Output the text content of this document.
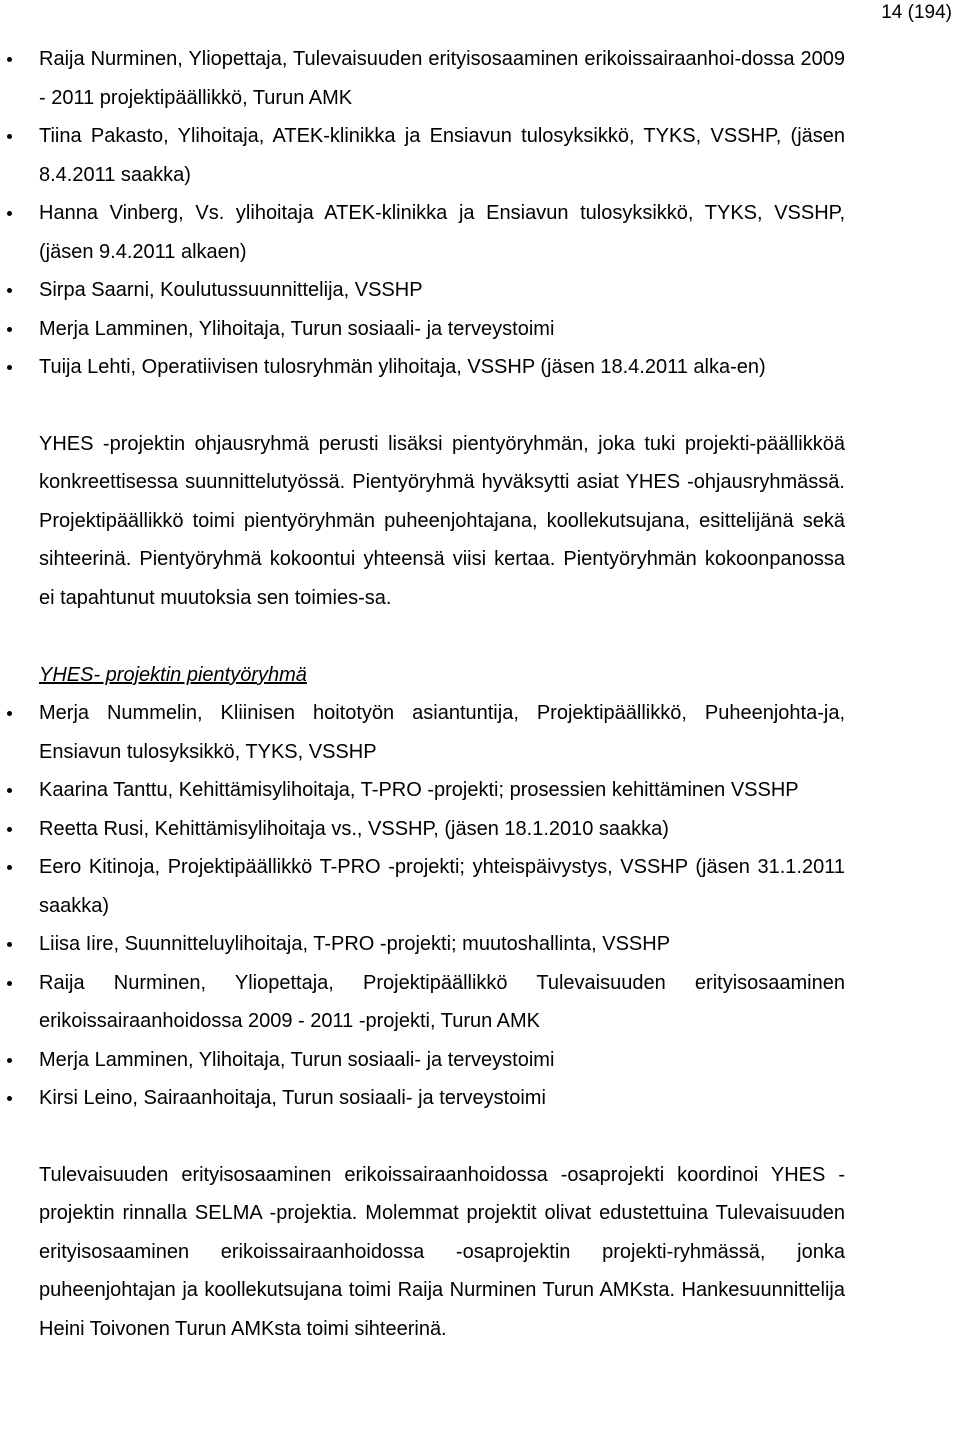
14 (194)
Raija Nurminen, Yliopettaja, Tulevaisuuden erityisosaaminen erikoissairaanhoi-dossa 2009 - 2011 projektipäällikkö, Turun AMK
Tiina Pakasto, Ylihoitaja, ATEK-klinikka ja Ensiavun tulosyksikkö, TYKS, VSSHP, (jäsen 8.4.2011 saakka)
Hanna Vinberg, Vs. ylihoitaja ATEK-klinikka ja Ensiavun tulosyksikkö, TYKS, VSSHP, (jäsen 9.4.2011 alkaen)
Sirpa Saarni, Koulutussuunnittelija, VSSHP
Merja Lamminen, Ylihoitaja, Turun sosiaali- ja terveystoimi
Tuija Lehti, Operatiivisen tulosryhmän ylihoitaja, VSSHP (jäsen 18.4.2011 alka-en)

YHES -projektin ohjausryhmä perusti lisäksi pientyöryhmän, joka tuki projekti-päällikköä konkreettisessa suunnittelutyössä. Pientyöryhmä hyväksytti asiat YHES -ohjausryhmässä. Projektipäällikkö toimi pientyöryhmän puheenjohtajana, koollekutsujana, esittelijänä sekä sihteerinä. Pientyöryhmä kokoontui yhteensä viisi kertaa. Pientyöryhmän kokoonpanossa ei tapahtunut muutoksia sen toimies-sa.

YHES- projektin pientyöryhmä
Merja Nummelin, Kliinisen hoitotyön asiantuntija, Projektipäällikkö, Puheenjohta-ja, Ensiavun tulosyksikkö, TYKS, VSSHP
Kaarina Tanttu, Kehittämisylihoitaja, T-PRO -projekti; prosessien kehittäminen VSSHP
Reetta Rusi, Kehittämisylihoitaja vs., VSSHP, (jäsen 18.1.2010 saakka)
Eero Kitinoja, Projektipäällikkö T-PRO -projekti; yhteispäivystys, VSSHP (jäsen 31.1.2011 saakka)
Liisa Iire, Suunnitteluylihoitaja, T-PRO -projekti; muutoshallinta, VSSHP
Raija Nurminen, Yliopettaja, Projektipäällikkö Tulevaisuuden erityisosaaminen erikoissairaanhoidossa 2009 - 2011 -projekti, Turun AMK
Merja Lamminen, Ylihoitaja, Turun sosiaali- ja terveystoimi
Kirsi Leino, Sairaanhoitaja, Turun sosiaali- ja terveystoimi

Tulevaisuuden erityisosaaminen erikoissairaanhoidossa -osaprojekti koordinoi YHES -projektin rinnalla SELMA -projektia. Molemmat projektit olivat edustettuina Tulevaisuuden erityisosaaminen erikoissairaanhoidossa -osaprojektin projekti-ryhmässä, jonka puheenjohtajan ja koollekutsujana toimi Raija Nurminen Turun AMKsta. Hankesuunnittelija Heini Toivonen Turun AMKsta toimi sihteerinä.
